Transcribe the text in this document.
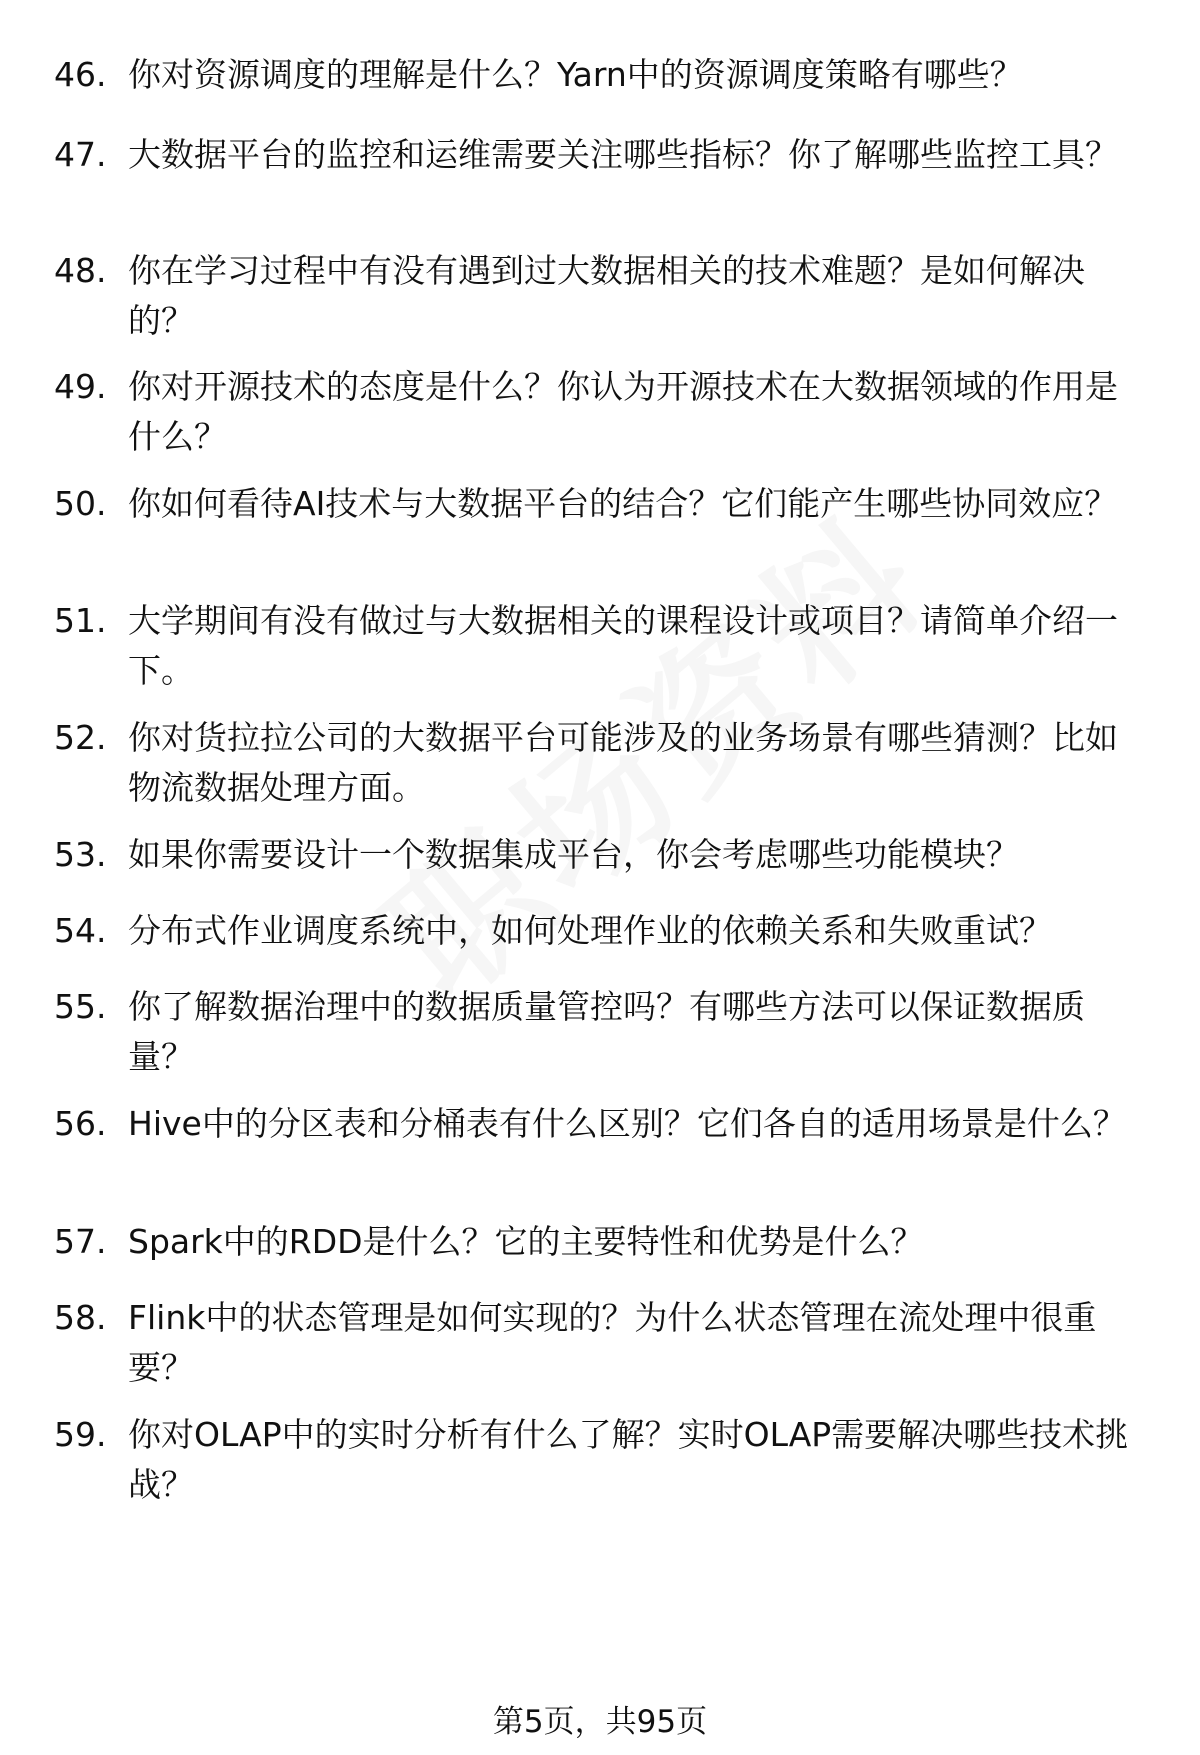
46. 你对资源调度的理解是什么？Yarn中的资源调度策略有哪些？
47. 大数据平台的监控和运维需要关注哪些指标？你了解哪些监控工具？
48. 你在学习过程中有没有遇到过大数据相关的技术难题？是如何解决的？
49. 你对开源技术的态度是什么？你认为开源技术在大数据领域的作用是什么？
50. 你如何看待AI技术与大数据平台的结合？它们能产生哪些协同效应？
51. 大学期间有没有做过与大数据相关的课程设计或项目？请简单介绍一下。
52. 你对货拉拉公司的大数据平台可能涉及的业务场景有哪些猜测？比如物流数据处理方面。
53. 如果你需要设计一个数据集成平台，你会考虑哪些功能模块？
54. 分布式作业调度系统中，如何处理作业的依赖关系和失败重试？
55. 你了解数据治理中的数据质量管控吗？有哪些方法可以保证数据质量？
56. Hive中的分区表和分桶表有什么区别？它们各自的适用场景是什么？
57. Spark中的RDD是什么？它的主要特性和优势是什么？
58. Flink中的状态管理是如何实现的？为什么状态管理在流处理中很重要？
59. 你对OLAP中的实时分析有什么了解？实时OLAP需要解决哪些技术挑战？
第5页，共95页
